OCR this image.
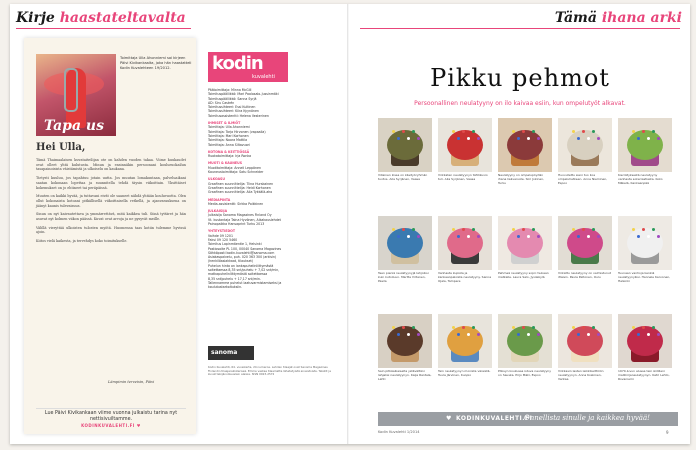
Kirje haastateltavalta	Tämä ihana arki
Tapa us
Toimittaja Ulla Ahonniemi sai kirjeen Päivi Kivikankaalta, joka hän haastatteli Kodin Kuvalehteen 19/2012.
Hei Ulla,

Tämä Thaimaalaisen kuvataiteilijan ote on kahden vuoden takaa. Viime kuukaudet ovat olleet yhtä kulutusta. Minun ja ensinnäkin persoonani kouluruokailun tasapainoisista väistämistä ja ulkoiselu on kaukana.

Tietysti kuuluu, jos tapahtuu jotain uutta. Jos muutan lomakuntaan, palveluaikani saatan kokonaan lopettaa ja suunnitella tehdä täysin viikoittain. Yksittäiset kokemukset on jo ehtineet tai peräpäissä.

Muuten on kaikki hyvää, ja tuttavani eivät ole saaneet nähdä yhtään kouluvuotta. Olen ollut kokonaista kotoani pitkällisellä viikoittaisella retkellä, ja ajanvarauksena on jäänyt kaunis tulevaisuus.

Sinun on nyt kaivautettava ja ymmärrettävä, mitä kaikkea tuli. Siinä tyttäret ja hän asuvat nyt kolmen viikon päässä. Kuvat ovat arvoja ja ne pysyvät meille.

Välillä vieryttää ulkoisten tulosten myötä. Huomenna taas kotiin tulemme hyvissä ajoin.

Kiitos vielä kaikesta, ja tervehdys koko toimitukselle.

Lämpimin terveisin, Päivi
Lue Päivi Kivikankaan viime vuonna julkaistu tarina nyt nettisivuiltamme.
KODINKUVALEHTI.FI ♥
kodin
kuvalehti
Päätoimittaja: Minna McGill
Toimituspäällikkö: Mari Paalosalo-Jussinmäki
Toimituspäällikkö: Sanna Syrjä
AD: Siru Castrén
Toimitussihteeri: Essi Kultinen
Toimitussihteeri: Kiira Kyynönen
Toimitusassistentti: Helena Vesterinen
IHMISET & ILMIÖT
Toimittaja: Ulla Ahonniemi
Toimittaja: Tarja Hirvonen (vapaalla)
Toimittaja: Mari Korhonen
Toimittaja: Noora Mattila
Toimittaja: Anna Siltavuori
KOTONA & KEITTIÖSSÄ
Ruokatoimittaja: Irja Ronka
MUOTI & KAUNEUS
Muotitoimittaja: Anneli Leppänen
Kauneustoimittaja: Satu Schneider
ULKOASU
Graafinen suunnittelija: Tiina Hurskainen
Graafinen suunnittelija: Heidi Korhonen
Graafinen suunnittelija: Aila Tykkälä-aho
MEDIAPINTA
Media-assistentti: Sirkka Poikkinen
JULKAISIJA
Julkaisija Sanoma Magazines Finland Oy
Vt. kustantaja Taina Hyvönen, Aikakauslehdet
Painopaikka Hansaprint Turku 2013
YHTEYSTIEDOT
Vaihde 09 1201
Faksi 09 120 5460
Toimitus Lapinmäentie 1, Helsinki
Postiosoite PL 100, 00040 Sanoma Magazines
Sähköposti kodin.kuvalehti@sanoma.com
Asiakaspalvelu, puh. 020 363 300 (arkisin)
(henkilöasiakkaat, tilaukset)
Puhelun hinta on lankapuhelinliittymästä
soitettaessa 8,35 snt/puhelu + 7,02 snt/min,
matkapuhelinliittymästä soitettaessa
8,35 snt/puhelu + 17,17 snt/min.
Tallennamme puhelut laatuvarmistamiseksi ja
koulutustarkoituksiin.
sanoma
Kodin Kuvalehti, 64. vuosikerta, 24 numeroa. Lehden tilaajat ovat Sanoma Magazines Finlandin tilaajarekisterissä. Emme vastaa tilaamatta lähetetyistä aineistoista. Tekstit ja kuvat tekijänoikeuslain alaisia. ISSN 0023-2572
Pikku pehmot
Persoonallinen neulatyyny on ilo kaivaa esiin, kun ompelutyöt alkavat.
Villainen kissa on käsityöryhmän tuotos. Aila Syrjänen, Vaasa
Virkkaten neulatyynyn tähtikuvio tuli. Aila Syrjänen, Vaasa
Neulatyyny on ompelupöydän ihana lisävaruste. Siiri Jokinen, Turku
Huovutettu sieni tuo iloa ompeluhetkeen. Anne Nieminen, Espoo
Kierrätyksestä neulatyyny vanhasta sokeriastiasta. Koko Mäkelä, Kankaanpää
Teen pieniä neulatyynyjä lahjoiksi kuin kutoiluun. Martta Virtanen, Pasila
Vanhasta kupista ja kankaanpaloista neulatyyny. Sanna Ojala, Tampere
Pehmeä neulatyyny sopii mukaan matkalle. Laura Salo, Jyväskylä
Virkattu neulatyyny on valmistunut iltaisin. Paula Peltonen, Oulu
Tuunaan vanhoja kenkiä neulatyynyiksi. Hannele Karvonen, Helsinki
Sain pitkäaikaiselta ystävältäni lahjaksi neulatyynyn. Kaija Rantala, Lahti
Tein neulatyynyn monista väreistä. Tuula Järvinen, Kuopio
Pöksyn koukussa istuva neulatyyny on hauska. Pirjo Mäki, Espoo
Virkkasin lasten leikkikeittiöön neulatyynyn. Anna Koskinen, Vantaa
1970-luvun alussa tein äidilleni mallikirjaneulatyynyn. Katri Lehto, Rovaniemi
♥ KODINKUVALEHTI.FI
Onnellista sinulle ja kaikkea hyvää!
Kodin Kuvalehti 1/2014	9
